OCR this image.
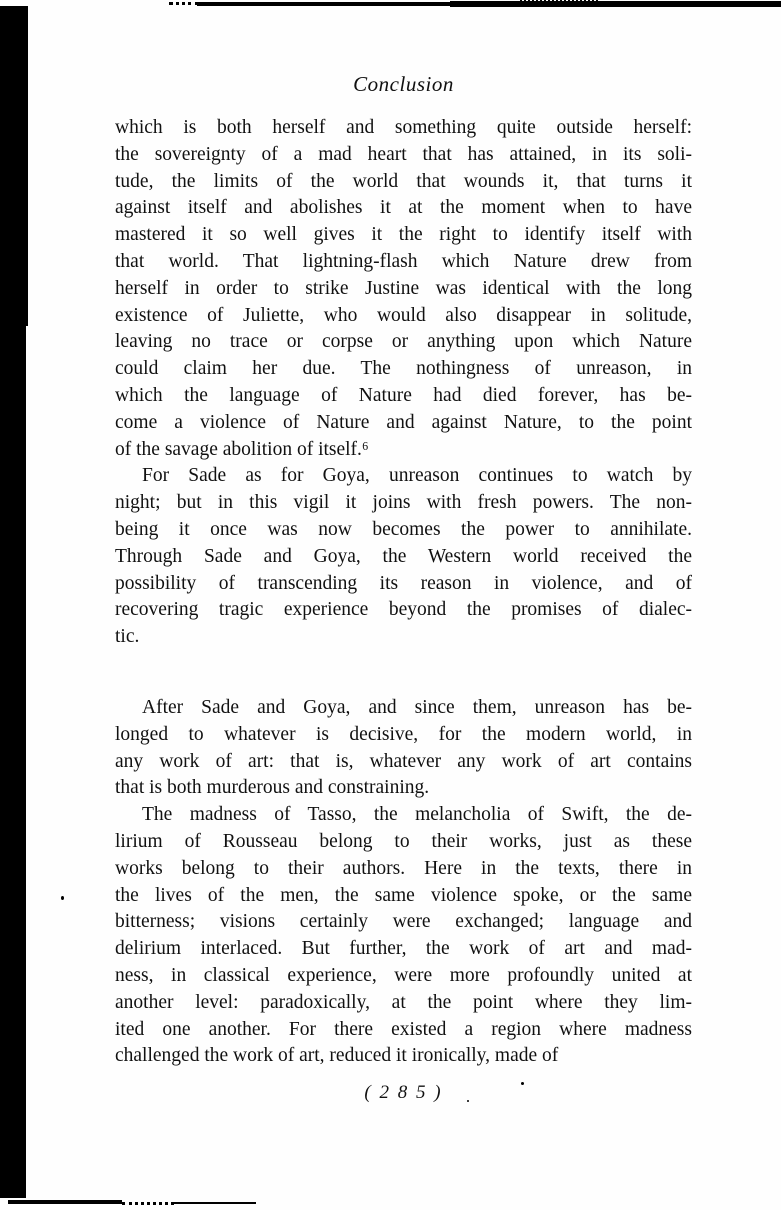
Conclusion
which is both herself and something quite outside herself:
the sovereignty of a mad heart that has attained, in its soli-
tude, the limits of the world that wounds it, that turns it
against itself and abolishes it at the moment when to have
mastered it so well gives it the right to identify itself with
that world. That lightning-flash which Nature drew from
herself in order to strike Justine was identical with the long
existence of Juliette, who would also disappear in solitude,
leaving no trace or corpse or anything upon which Nature
could claim her due. The nothingness of unreason, in
which the language of Nature had died forever, has be-
come a violence of Nature and against Nature, to the point
of the savage abolition of itself.⁶
For Sade as for Goya, unreason continues to watch by
night; but in this vigil it joins with fresh powers. The non-
being it once was now becomes the power to annihilate.
Through Sade and Goya, the Western world received the
possibility of transcending its reason in violence, and of
recovering tragic experience beyond the promises of dialec-
tic.
After Sade and Goya, and since them, unreason has be-
longed to whatever is decisive, for the modern world, in
any work of art: that is, whatever any work of art contains
that is both murderous and constraining.
The madness of Tasso, the melancholia of Swift, the de-
lirium of Rousseau belong to their works, just as these
works belong to their authors. Here in the texts, there in
the lives of the men, the same violence spoke, or the same
bitterness; visions certainly were exchanged; language and
delirium interlaced. But further, the work of art and mad-
ness, in classical experience, were more profoundly united at
another level: paradoxically, at the point where they lim-
ited one another. For there existed a region where madness
challenged the work of art, reduced it ironically, made of
( 2 8 5 )
